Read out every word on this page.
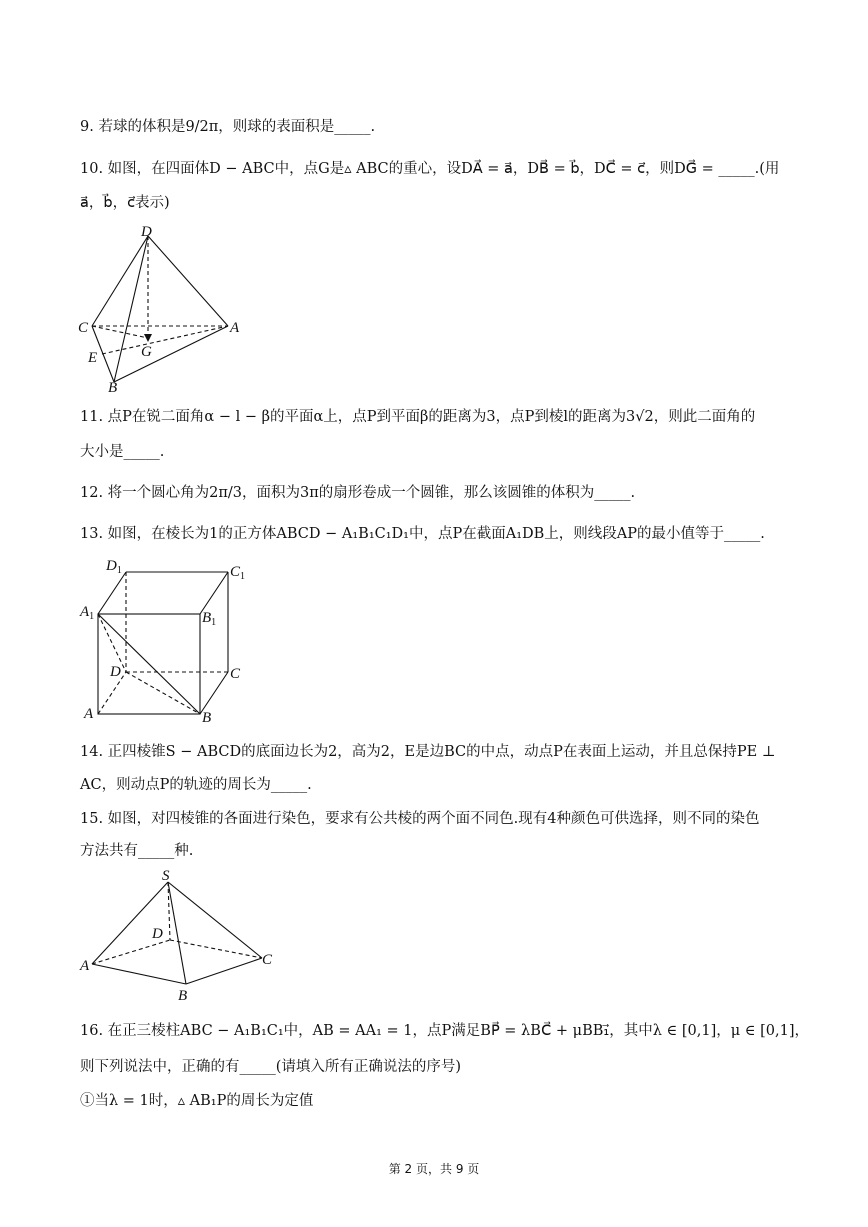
9. 若球的体积是9/2π，则球的表面积是_____.
10. 如图，在四面体D − ABC中，点G是▵ ABC的重心，设DA⃗ = a⃗，DB⃗ = b⃗，DC⃗ = c⃗，则DG⃗ = _____.(用
a⃗，b⃗，c⃗表示)
D
C	A
G
E
B
11. 点P在锐二面角α − l − β的平面α上，点P到平面β的距离为3，点P到棱l的距离为3√2，则此二面角的
大小是_____.
12. 将一个圆心角为2π/3，面积为3π的扇形卷成一个圆锥，那么该圆锥的体积为_____.
13. 如图，在棱长为1的正方体ABCD − A₁B₁C₁D₁中，点P在截面A₁DB上，则线段AP的最小值等于_____.
$D_1$	$C_1$
$A_1$	$B_1$
D	C
A	B
14. 正四棱锥S − ABCD的底面边长为2，高为2，E是边BC的中点，动点P在表面上运动，并且总保持PE ⊥
AC，则动点P的轨迹的周长为_____.
15. 如图，对四棱锥的各面进行染色，要求有公共棱的两个面不同色.现有4种颜色可供选择，则不同的染色
方法共有_____种.
S
D
A	C
B
16. 在正三棱柱ABC − A₁B₁C₁中，AB = AA₁ = 1，点P满足BP⃗ = λBC⃗ + μBB₁⃗，其中λ ∈ [0,1]，μ ∈ [0,1]，
则下列说法中，正确的有_____(请填入所有正确说法的序号)
①当λ = 1时，▵ AB₁P的周长为定值
第 2 页，共 9 页
